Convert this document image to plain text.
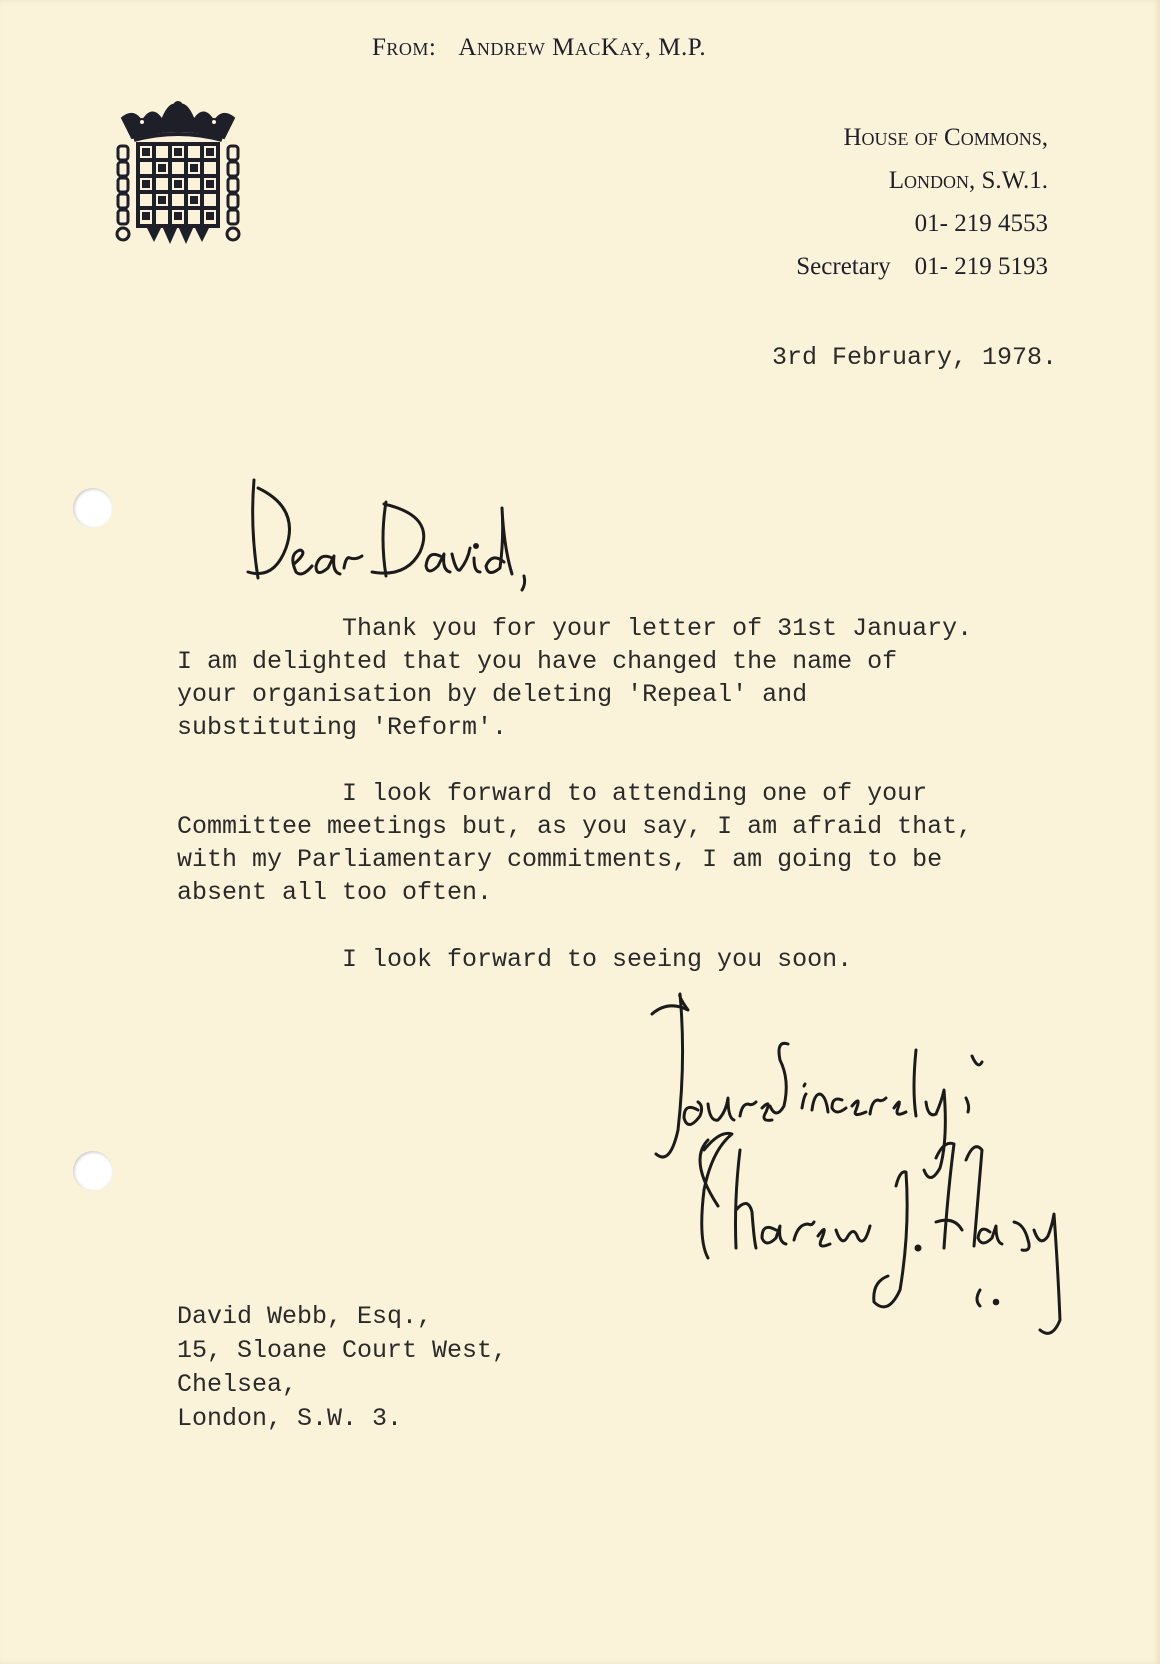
From: Andrew MacKay, M.P.
House of Commons,
London, S.W.1.
01- 219 4553
Secretary 01- 219 5193
3rd February, 1978.

Thank you for your letter of 31st January.
I am delighted that you have changed the name of
your organisation by deleting 'Repeal' and
substituting 'Reform'.

I look forward to attending one of your
Committee meetings but, as you say, I am afraid that,
with my Parliamentary commitments, I am going to be
absent all too often.

I look forward to seeing you soon.

David Webb, Esq.,
15, Sloane Court West,
Chelsea,
London, S.W. 3.
